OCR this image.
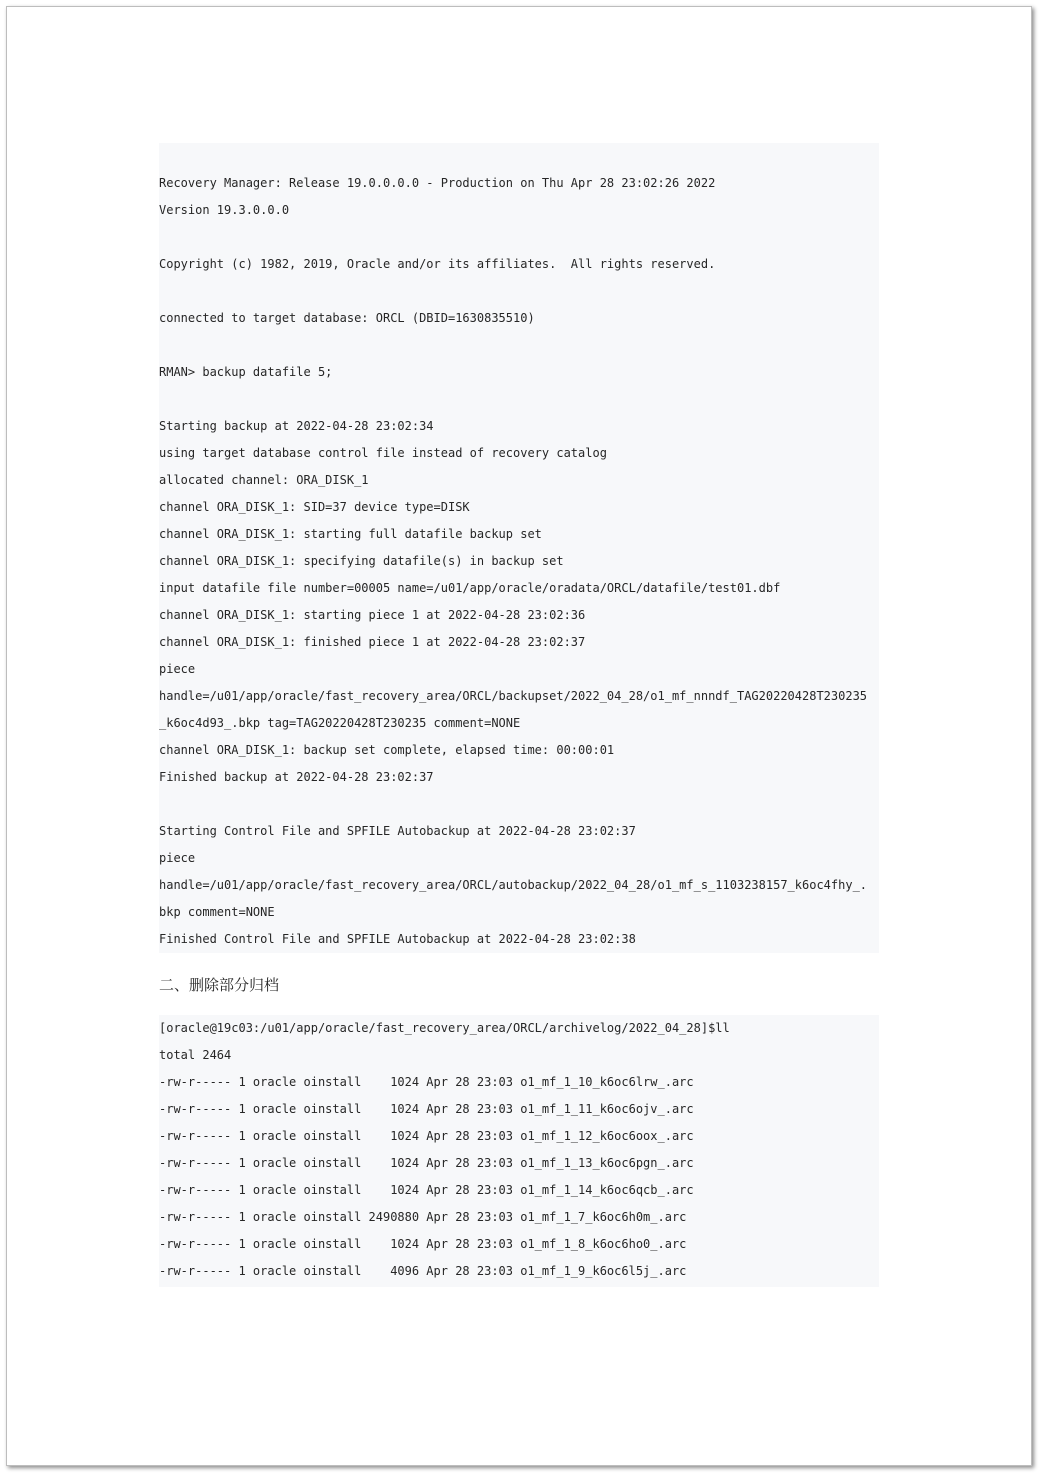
Recovery Manager: Release 19.0.0.0.0 - Production on Thu Apr 28 23:02:26 2022
Version 19.3.0.0.0
Copyright (c) 1982, 2019, Oracle and/or its affiliates.  All rights reserved.
connected to target database: ORCL (DBID=1630835510)
RMAN> backup datafile 5;
Starting backup at 2022-04-28 23:02:34
using target database control file instead of recovery catalog
allocated channel: ORA_DISK_1
channel ORA_DISK_1: SID=37 device type=DISK
channel ORA_DISK_1: starting full datafile backup set
channel ORA_DISK_1: specifying datafile(s) in backup set
input datafile file number=00005 name=/u01/app/oracle/oradata/ORCL/datafile/test01.dbf
channel ORA_DISK_1: starting piece 1 at 2022-04-28 23:02:36
channel ORA_DISK_1: finished piece 1 at 2022-04-28 23:02:37
piece
handle=/u01/app/oracle/fast_recovery_area/ORCL/backupset/2022_04_28/o1_mf_nnndf_TAG20220428T230235
_k6oc4d93_.bkp tag=TAG20220428T230235 comment=NONE
channel ORA_DISK_1: backup set complete, elapsed time: 00:00:01
Finished backup at 2022-04-28 23:02:37
Starting Control File and SPFILE Autobackup at 2022-04-28 23:02:37
piece
handle=/u01/app/oracle/fast_recovery_area/ORCL/autobackup/2022_04_28/o1_mf_s_1103238157_k6oc4fhy_.
bkp comment=NONE
Finished Control File and SPFILE Autobackup at 2022-04-28 23:02:38
二、删除部分归档
[oracle@19c03:/u01/app/oracle/fast_recovery_area/ORCL/archivelog/2022_04_28]$ll
total 2464
-rw-r----- 1 oracle oinstall    1024 Apr 28 23:03 o1_mf_1_10_k6oc6lrw_.arc
-rw-r----- 1 oracle oinstall    1024 Apr 28 23:03 o1_mf_1_11_k6oc6ojv_.arc
-rw-r----- 1 oracle oinstall    1024 Apr 28 23:03 o1_mf_1_12_k6oc6oox_.arc
-rw-r----- 1 oracle oinstall    1024 Apr 28 23:03 o1_mf_1_13_k6oc6pgn_.arc
-rw-r----- 1 oracle oinstall    1024 Apr 28 23:03 o1_mf_1_14_k6oc6qcb_.arc
-rw-r----- 1 oracle oinstall 2490880 Apr 28 23:03 o1_mf_1_7_k6oc6h0m_.arc
-rw-r----- 1 oracle oinstall    1024 Apr 28 23:03 o1_mf_1_8_k6oc6ho0_.arc
-rw-r----- 1 oracle oinstall    4096 Apr 28 23:03 o1_mf_1_9_k6oc6l5j_.arc
